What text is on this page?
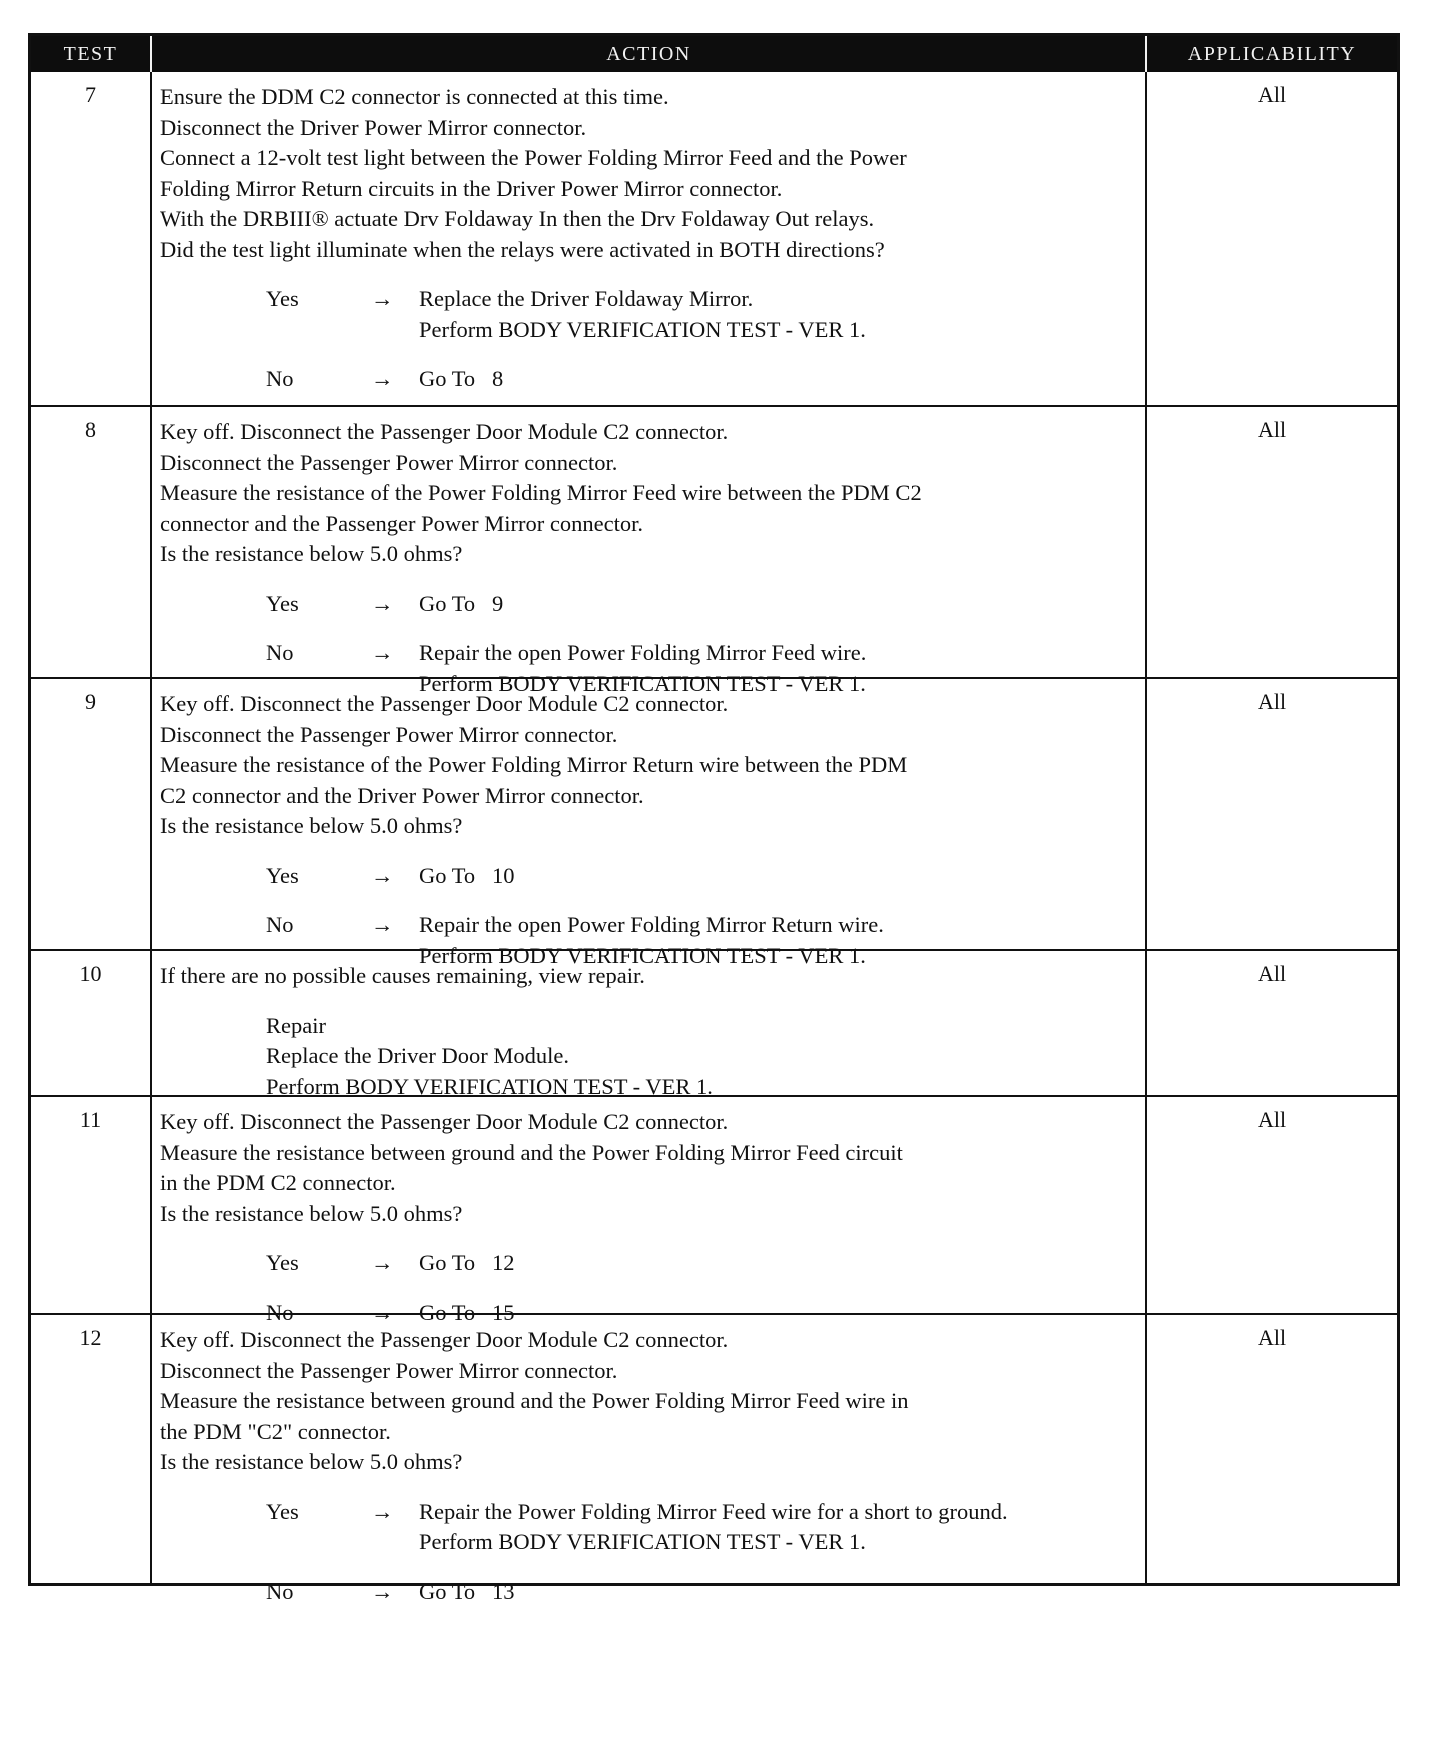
TEST	ACTION	APPLICABILITY
7	Ensure the DDM C2 connector is connected at this time.
Disconnect the Driver Power Mirror connector.
Connect a 12-volt test light between the Power Folding Mirror Feed and the Power
Folding Mirror Return circuits in the Driver Power Mirror connector.
With the DRBIII® actuate Drv Foldaway In then the Drv Foldaway Out relays.
Did the test light illuminate when the relays were activated in BOTH directions?
Yes	→	Replace the Driver Foldaway Mirror.
Perform BODY VERIFICATION TEST - VER 1.
No	→	Go To   8
All
8	Key off. Disconnect the Passenger Door Module C2 connector.
Disconnect the Passenger Power Mirror connector.
Measure the resistance of the Power Folding Mirror Feed wire between the PDM C2
connector and the Passenger Power Mirror connector.
Is the resistance below 5.0 ohms?
Yes	→	Go To   9
No	→	Repair the open Power Folding Mirror Feed wire.
Perform BODY VERIFICATION TEST - VER 1.
All
9	Key off. Disconnect the Passenger Door Module C2 connector.
Disconnect the Passenger Power Mirror connector.
Measure the resistance of the Power Folding Mirror Return wire between the PDM
C2 connector and the Driver Power Mirror connector.
Is the resistance below 5.0 ohms?
Yes	→	Go To   10
No	→	Repair the open Power Folding Mirror Return wire.
Perform BODY VERIFICATION TEST - VER 1.
All
10	If there are no possible causes remaining, view repair.
Repair
Replace the Driver Door Module.
Perform BODY VERIFICATION TEST - VER 1.
All
11	Key off. Disconnect the Passenger Door Module C2 connector.
Measure the resistance between ground and the Power Folding Mirror Feed circuit
in the PDM C2 connector.
Is the resistance below 5.0 ohms?
Yes	→	Go To   12
No	→	Go To   15
All
12	Key off. Disconnect the Passenger Door Module C2 connector.
Disconnect the Passenger Power Mirror connector.
Measure the resistance between ground and the Power Folding Mirror Feed wire in
the PDM "C2" connector.
Is the resistance below 5.0 ohms?
Yes	→	Repair the Power Folding Mirror Feed wire for a short to ground.
Perform BODY VERIFICATION TEST - VER 1.
No	→	Go To   13
All
